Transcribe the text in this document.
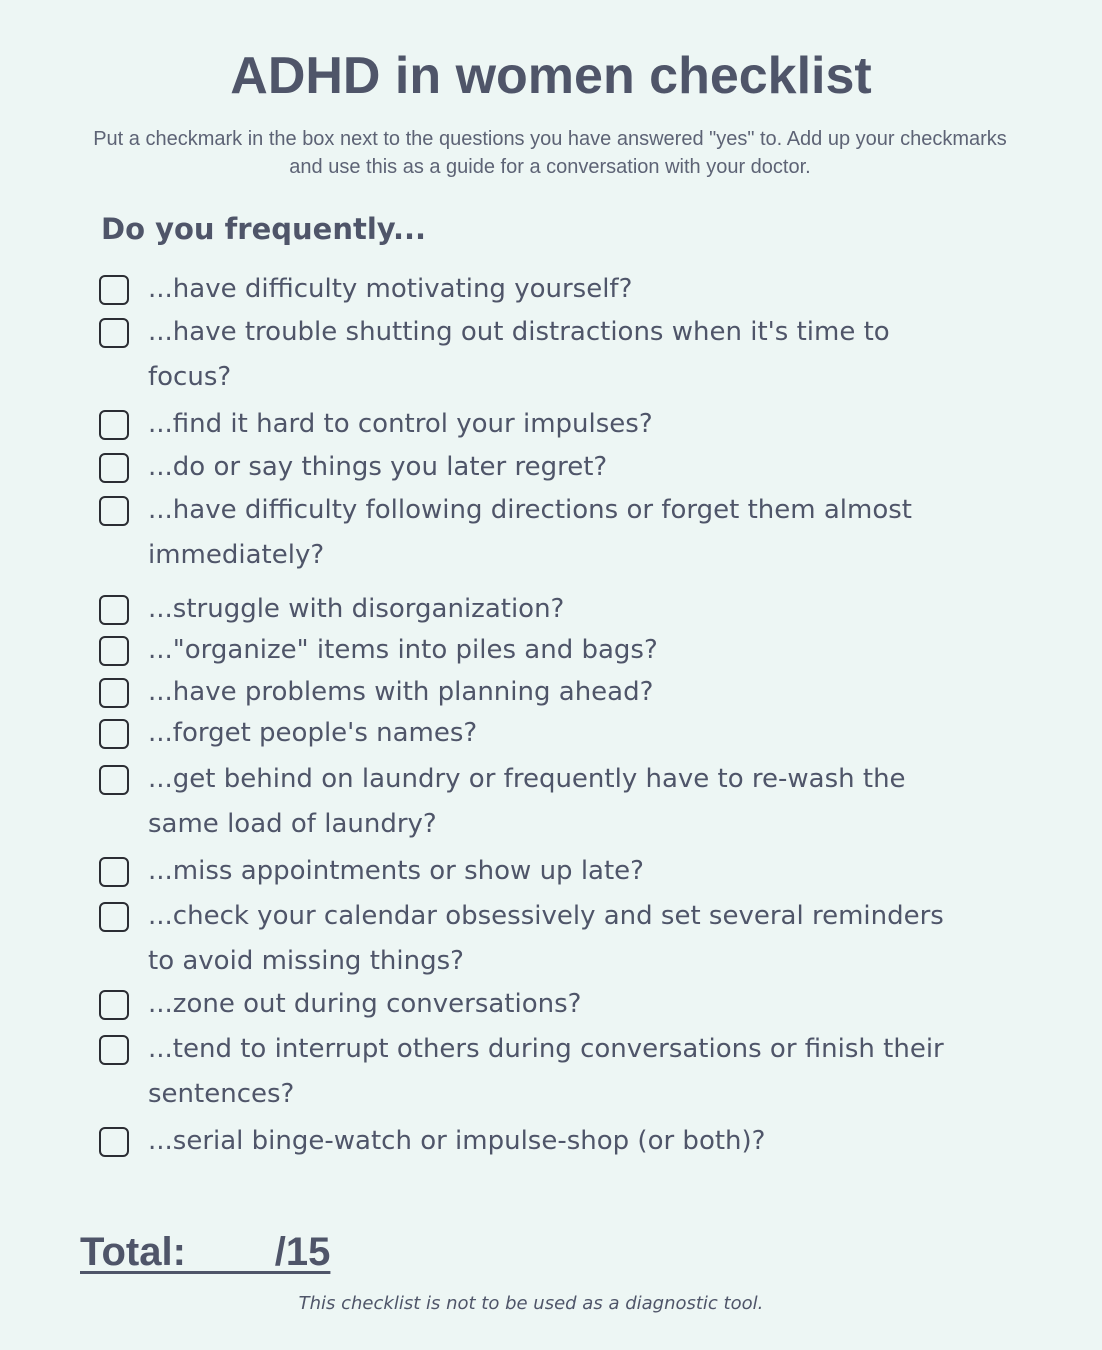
ADHD in women checklist
Put a checkmark in the box next to the questions you have answered "yes" to. Add up your checkmarks and use this as a guide for a conversation with your doctor.
Do you frequently...
...have difficulty motivating yourself?
...have trouble shutting out distractions when it's time to focus?
...find it hard to control your impulses?
...do or say things you later regret?
...have difficulty following directions or forget them almost immediately?
...struggle with disorganization?
..."organize" items into piles and bags?
...have problems with planning ahead?
...forget people's names?
...get behind on laundry or frequently have to re-wash the same load of laundry?
...miss appointments or show up late?
...check your calendar obsessively and set several reminders to avoid missing things?
...zone out during conversations?
...tend to interrupt others during conversations or finish their sentences?
...serial binge-watch or impulse-shop (or both)?
Total:        /15
This checklist is not to be used as a diagnostic tool.
